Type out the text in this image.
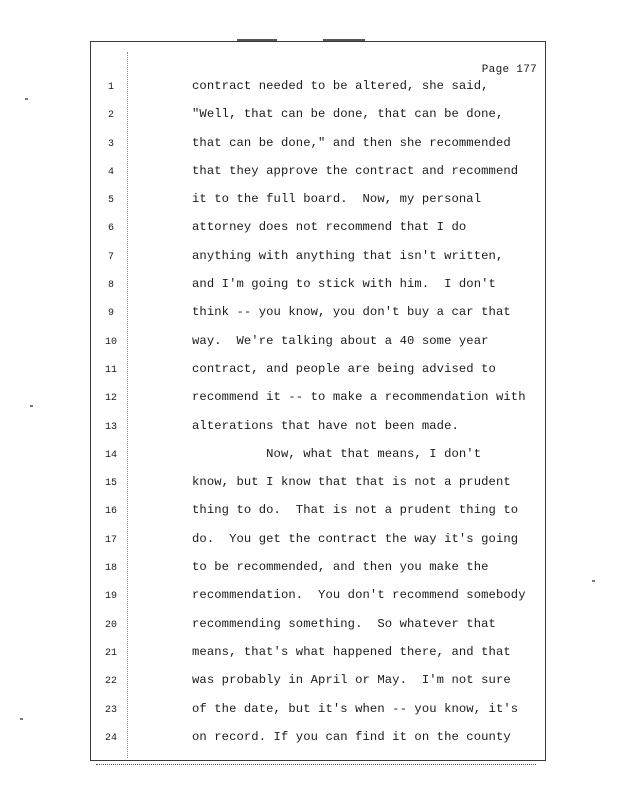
Page 177
1
2
3
4
5
6
7
8
9
10
11
12
13
14
15
16
17
18
19
20
21
22
23
24
contract needed to be altered, she said,
"Well, that can be done, that can be done,
that can be done," and then she recommended
that they approve the contract and recommend
it to the full board.  Now, my personal
attorney does not recommend that I do
anything with anything that isn't written,
and I'm going to stick with him.  I don't
think -- you know, you don't buy a car that
way.  We're talking about a 40 some year
contract, and people are being advised to
recommend it -- to make a recommendation with
alterations that have not been made.
Now, what that means, I don't
know, but I know that that is not a prudent
thing to do.  That is not a prudent thing to
do.  You get the contract the way it's going
to be recommended, and then you make the
recommendation.  You don't recommend somebody
recommending something.  So whatever that
means, that's what happened there, and that
was probably in April or May.  I'm not sure
of the date, but it's when -- you know, it's
on record. If you can find it on the county
